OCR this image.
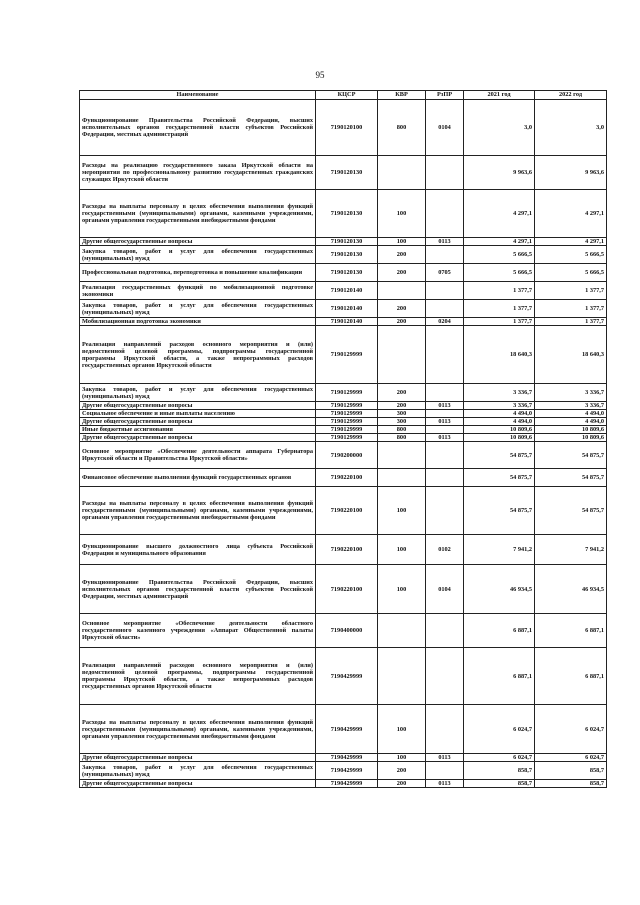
95
Наименование	КЦСР	КВР	РзПР	2021 год	2022 год
Функционирование Правительства Российской Федерации, высших исполнительных органов государственной власти субъектов Российской Федерации, местных администраций	7190120100	800	0104	3,0	3,0
Расходы на реализацию государственного заказа Иркутской области на мероприятия по профессиональному развитию государственных гражданских служащих Иркутской области	7190120130			9 963,6	9 963,6
Расходы на выплаты персоналу в целях обеспечения выполнения функций государственными (муниципальными) органами, казенными учреждениями, органами управления государственными внебюджетными фондами	7190120130	100		4 297,1	4 297,1
Другие общегосударственные вопросы	7190120130	100	0113	4 297,1	4 297,1
Закупка товаров, работ и услуг для обеспечения государственных (муниципальных) нужд	7190120130	200		5 666,5	5 666,5
Профессиональная подготовка, переподготовка и повышение квалификации	7190120130	200	0705	5 666,5	5 666,5
Реализация государственных функций по мобилизационной подготовке экономики	7190120140			1 377,7	1 377,7
Закупка товаров, работ и услуг для обеспечения государственных (муниципальных) нужд	7190120140	200		1 377,7	1 377,7
Мобилизационная подготовка экономики	7190120140	200	0204	1 377,7	1 377,7
Реализация направлений расходов основного мероприятия и (или) ведомственной целевой программы, подпрограммы государственной программы Иркутской области, а также непрограммных расходов государственных органов Иркутской области	7190129999			18 640,3	18 640,3
Закупка товаров, работ и услуг для обеспечения государственных (муниципальных) нужд	7190129999	200		3 336,7	3 336,7
Другие общегосударственные вопросы	7190129999	200	0113	3 336,7	3 336,7
Социальное обеспечение и иные выплаты населению	7190129999	300		4 494,0	4 494,0
Другие общегосударственные вопросы	7190129999	300	0113	4 494,0	4 494,0
Иные бюджетные ассигнования	7190129999	800		10 809,6	10 809,6
Другие общегосударственные вопросы	7190129999	800	0113	10 809,6	10 809,6
Основное мероприятие «Обеспечение деятельности аппарата Губернатора Иркутской области и Правительства Иркутской области»	7190200000			54 875,7	54 875,7
Финансовое обеспечение выполнения функций государственных органов	7190220100			54 875,7	54 875,7
Расходы на выплаты персоналу в целях обеспечения выполнения функций государственными (муниципальными) органами, казенными учреждениями, органами управления государственными внебюджетными фондами	7190220100	100		54 875,7	54 875,7
Функционирование высшего должностного лица субъекта Российской Федерации и муниципального образования	7190220100	100	0102	7 941,2	7 941,2
Функционирование Правительства Российской Федерации, высших исполнительных органов государственной власти субъектов Российской Федерации, местных администраций	7190220100	100	0104	46 934,5	46 934,5
Основное мероприятие «Обеспечение деятельности областного государственного казенного учреждения «Аппарат Общественной палаты Иркутской области»	7190400000			6 887,1	6 887,1
Реализация направлений расходов основного мероприятия и (или) ведомственной целевой программы, подпрограммы государственной программы Иркутской области, а также непрограммных расходов государственных органов Иркутской области	7190429999			6 887,1	6 887,1
Расходы на выплаты персоналу в целях обеспечения выполнения функций государственными (муниципальными) органами, казенными учреждениями, органами управления государственными внебюджетными фондами	7190429999	100		6 024,7	6 024,7
Другие общегосударственные вопросы	7190429999	100	0113	6 024,7	6 024,7
Закупка товаров, работ и услуг для обеспечения государственных (муниципальных) нужд	7190429999	200		858,7	858,7
Другие общегосударственные вопросы	7190429999	200	0113	858,7	858,7
